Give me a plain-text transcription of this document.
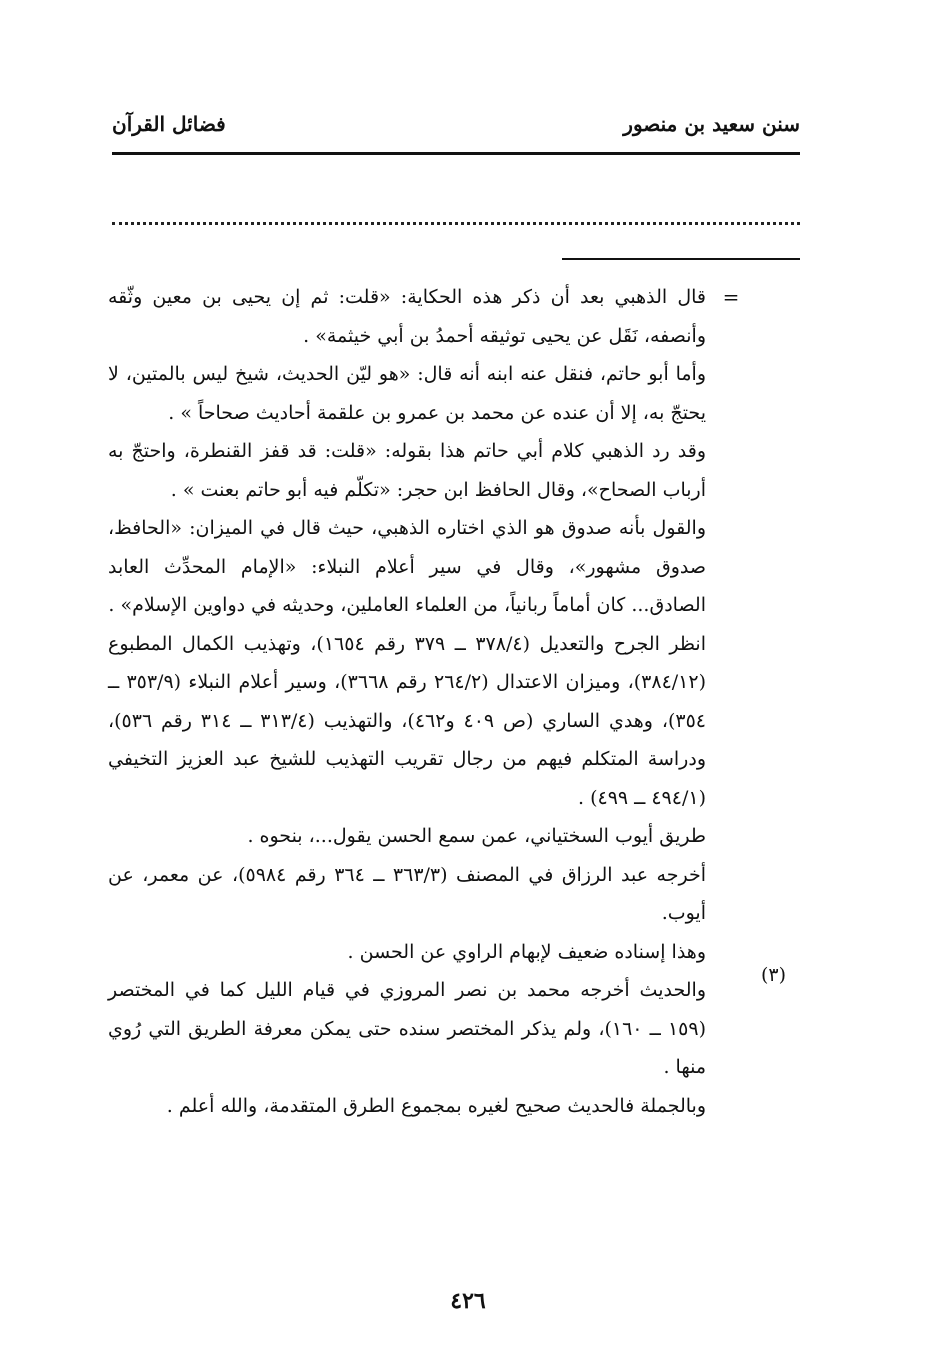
سنن سعيد بن منصور
فضائل القرآن
=
(٣)

قال الذهبي بعد أن ذكر هذه الحكاية: «قلت: ثم إن يحيى بن معين وثّقه وأنصفه، نَقَل عن يحيى توثيقه أحمدُ بن أبي خيثمة» .

وأما أبو حاتم، فنقل عنه ابنه أنه قال: «هو ليّن الحديث، شيخ ليس بالمتين، لا يحتجّ به، إلا أن عنده عن محمد بن عمرو بن علقمة أحاديث صحاحاً » .

وقد رد الذهبي كلام أبي حاتم هذا بقوله: «قلت: قد قفز القنطرة، واحتجّ به أرباب الصحاح»، وقال الحافظ ابن حجر: «تكلّم فيه أبو حاتم بعنت » .

والقول بأنه صدوق هو الذي اختاره الذهبي، حيث قال في الميزان: «الحافظ، صدوق مشهور»، وقال في سير أعلام النبلاء: «الإمام المحدِّث العابد الصادق... كان أماماً ربانياً، من العلماء العاملين، وحديثه في دواوين الإسلام» .

انظر الجرح والتعديل (٣٧٨/٤ ــ ٣٧٩ رقم ١٦٥٤)، وتهذيب الكمال المطبوع (٣٨٤/١٢)، وميزان الاعتدال (٢٦٤/٢ رقم ٣٦٦٨)، وسير أعلام النبلاء (٣٥٣/٩ ــ ٣٥٤)، وهدي الساري (ص ٤٠٩ و٤٦٢)، والتهذيب (٣١٣/٤ ــ ٣١٤ رقم ٥٣٦)، ودراسة المتكلم فيهم من رجال تقريب التهذيب للشيخ عبد العزيز التخيفي (٤٩٤/١ ــ ٤٩٩) .

طريق أيوب السختياني، عمن سمع الحسن يقول...، بنحوه .

أخرجه عبد الرزاق في المصنف (٣٦٣/٣ ــ ٣٦٤ رقم ٥٩٨٤)، عن معمر، عن أيوب.

وهذا إسناده ضعيف لإبهام الراوي عن الحسن .

والحديث أخرجه محمد بن نصر المروزي في قيام الليل كما في المختصر (١٥٩ ــ ١٦٠)، ولم يذكر المختصر سنده حتى يمكن معرفة الطريق التي رُوي منها .

وبالجملة فالحديث صحيح لغيره بمجموع الطرق المتقدمة، والله أعلم .

٤٢٦
